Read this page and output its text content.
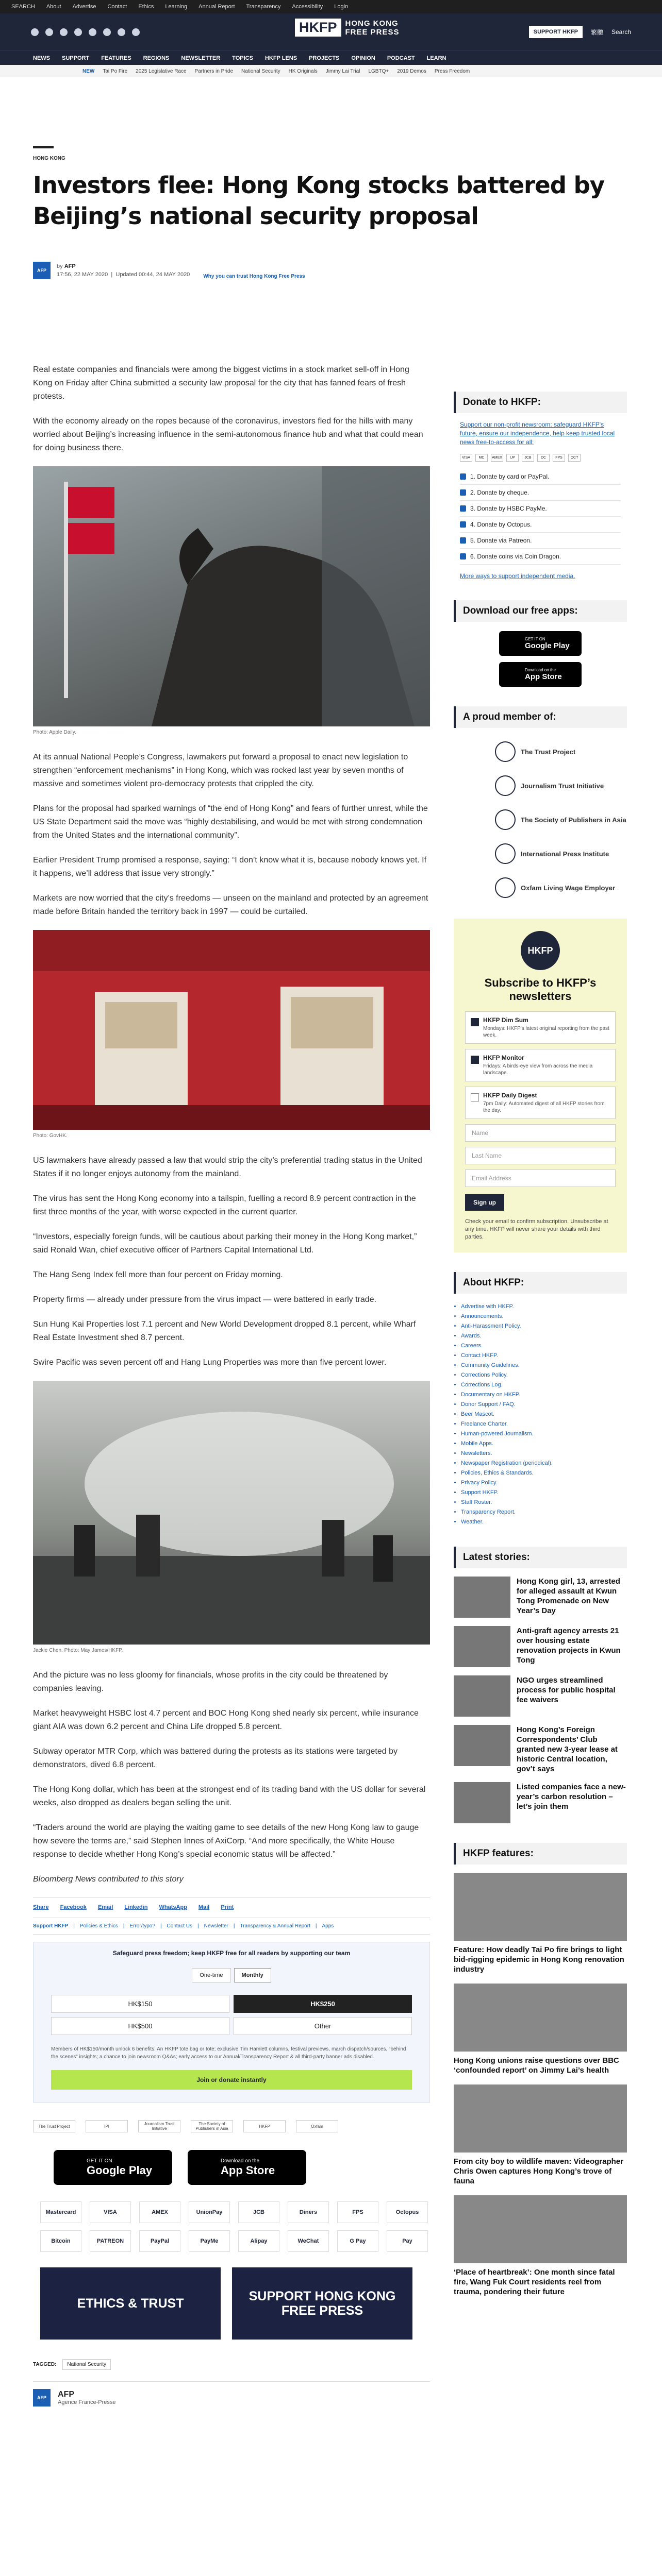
SEARCH About Advertise Contact Ethics Learning Annual Report Transparency Accessibility Login
HKFP	HONG KONG
FREE PRESS	SUPPORT HKFP	繁體 Search
NEWS SUPPORT FEATURES REGIONS NEWSLETTER TOPICS HKFP LENS PROJECTS OPINION PODCAST LEARN
NEW Tai Po Fire 2025 Legislative Race Partners in Pride National Security HK Originals Jimmy Lai Trial LGBTQ+ 2019 Demos Press Freedom
HONG KONG
Investors flee: Hong Kong stocks battered by Beijing’s national security proposal
AFP
by AFP
17:56, 22 MAY 2020  |  Updated 00:44, 24 MAY 2020	Why you can trust Hong Kong Free Press

Real estate companies and financials were among the biggest victims in a stock market sell-off in Hong Kong on Friday after China submitted a security law proposal for the city that has fanned fears of fresh protests.

With the economy already on the ropes because of the coronavirus, investors fled for the hills with many worried about Beijing’s increasing influence in the semi-autonomous finance hub and what that could mean for doing business there.

Photo: Apple Daily.

At its annual National People’s Congress, lawmakers put forward a proposal to enact new legislation to strengthen “enforcement mechanisms” in Hong Kong, which was rocked last year by seven months of massive and sometimes violent pro-democracy protests that crippled the city.

Plans for the proposal had sparked warnings of “the end of Hong Kong” and fears of further unrest, while the US State Department said the move was “highly destabilising, and would be met with strong condemnation from the United States and the international community”.

Earlier President Trump promised a response, saying: “I don’t know what it is, because nobody knows yet. If it happens, we’ll address that issue very strongly.”

Markets are now worried that the city’s freedoms — unseen on the mainland and protected by an agreement made before Britain handed the territory back in 1997 — could be curtailed.

Photo: GovHK.

US lawmakers have already passed a law that would strip the city’s preferential trading status in the United States if it no longer enjoys autonomy from the mainland.

The virus has sent the Hong Kong economy into a tailspin, fuelling a record 8.9 percent contraction in the first three months of the year, with worse expected in the current quarter.

“Investors, especially foreign funds, will be cautious about parking their money in the Hong Kong market,” said Ronald Wan, chief executive officer of Partners Capital International Ltd.

The Hang Seng Index fell more than four percent on Friday morning.

Property firms — already under pressure from the virus impact — were battered in early trade.

Sun Hung Kai Properties lost 7.1 percent and New World Development dropped 8.1 percent, while Wharf Real Estate Investment shed 8.7 percent.

Swire Pacific was seven percent off and Hang Lung Properties was more than five percent lower.

Jackie Chen. Photo: May James/HKFP.

And the picture was no less gloomy for financials, whose profits in the city could be threatened by companies leaving.

Market heavyweight HSBC lost 4.7 percent and BOC Hong Kong shed nearly six percent, while insurance giant AIA was down 6.2 percent and China Life dropped 5.8 percent.

Subway operator MTR Corp, which was battered during the protests as its stations were targeted by demonstrators, dived 6.8 percent.

The Hong Kong dollar, which has been at the strongest end of its trading band with the US dollar for several weeks, also dropped as dealers began selling the unit.

“Traders around the world are playing the waiting game to see details of the new Hong Kong law to gauge how severe the terms are,” said Stephen Innes of AxiCorp. “And more specifically, the White House response to decide whether Hong Kong’s special economic status will be affected.”

Bloomberg News contributed to this story

Share Facebook Email Linkedin WhatsApp Mail Print
Support HKFP | Policies & Ethics | Error/typo? | Contact Us | Newsletter | Transparency & Annual Report | Apps
Safeguard press freedom; keep HKFP free for all readers by supporting our team
One-time	Monthly
HK$150	HK$250
HK$500	Other
Members of HK$150/month unlock 6 benefits: An HKFP tote bag or tote; exclusive Tim Hamlett columns, festival previews, march dispatch/sources, “behind the scenes” insights; a chance to join newsroom Q&As; early access to our Annual/Transparency Report & all third-party banner ads disabled.
Join or donate instantly
The Trust Project	IPI	Journalism Trust Initiative
The Society of Publishers in Asia	HKFP	Oxfam
GET IT ON
Google Play
Download on the
App Store
Mastercard	VISA	AMEX	UnionPay	JCB	Diners	FPS	Octopus
Bitcoin	PATREON	PayPal	PayMe	Alipay	WeChat	G Pay	Pay
ETHICS & TRUST	SUPPORT HONG KONG FREE PRESS
TAGGED:	National Security
AFP	AFP
Agence France-Presse
Donate to HKFP:
Support our non-profit newsroom: safeguard HKFP's future, ensure our independence, help keep trusted local news free-to-access for all:
VISA	MC	AMEX	UP	JCB	DC	FPS	OCT
1. Donate by card or PayPal.
2. Donate by cheque.
3. Donate by HSBC PayMe.
4. Donate by Octopus.
5. Donate via Patreon.
6. Donate coins via Coin Dragon.
More ways to support independent media.
Download our free apps:
GET IT ON
Google Play
Download on the
App Store
A proud member of:
The Trust Project
Journalism Trust Initiative
The Society of Publishers in Asia
International Press Institute
Oxfam Living Wage Employer
HKFP
Subscribe to HKFP’s newsletters
HKFP Dim Sum
Mondays: HKFP's latest original reporting from the past week.
HKFP Monitor
Fridays: A birds-eye view from across the media landscape.
HKFP Daily Digest
7pm Daily: Automated digest of all HKFP stories from the day.
Name
Last Name
Email Address
Sign up
Check your email to confirm subscription. Unsubscribe at any time. HKFP will never share your details with third parties.
About HKFP:
• Advertise with HKFP.
• Announcements.
• Anti-Harassment Policy.
• Awards.
• Careers.
• Contact HKFP.
• Community Guidelines.
• Corrections Policy.
• Corrections Log.
• Documentary on HKFP.
• Donor Support / FAQ.
• Beer Mascot.
• Freelance Charter.
• Human-powered Journalism.
• Mobile Apps.
• Newsletters.
• Newspaper Registration (periodical).
• Policies, Ethics & Standards.
• Privacy Policy.
• Support HKFP.
• Staff Roster.
• Transparency Report.
• Weather.
Latest stories:
Hong Kong girl, 13, arrested for alleged assault at Kwun Tong Promenade on New Year’s Day
Anti-graft agency arrests 21 over housing estate renovation projects in Kwun Tong
NGO urges streamlined process for public hospital fee waivers
Hong Kong’s Foreign Correspondents’ Club granted new 3-year lease at historic Central location, gov’t says
Listed companies face a new-year’s carbon resolution – let’s join them
HKFP features:
Feature: How deadly Tai Po fire brings to light bid-rigging epidemic in Hong Kong renovation industry
Hong Kong unions raise questions over BBC ‘confounded report’ on Jimmy Lai’s health
From city boy to wildlife maven: Videographer Chris Owen captures Hong Kong’s trove of fauna
‘Place of heartbreak’: One month since fatal fire, Wang Fuk Court residents reel from trauma, pondering their future
